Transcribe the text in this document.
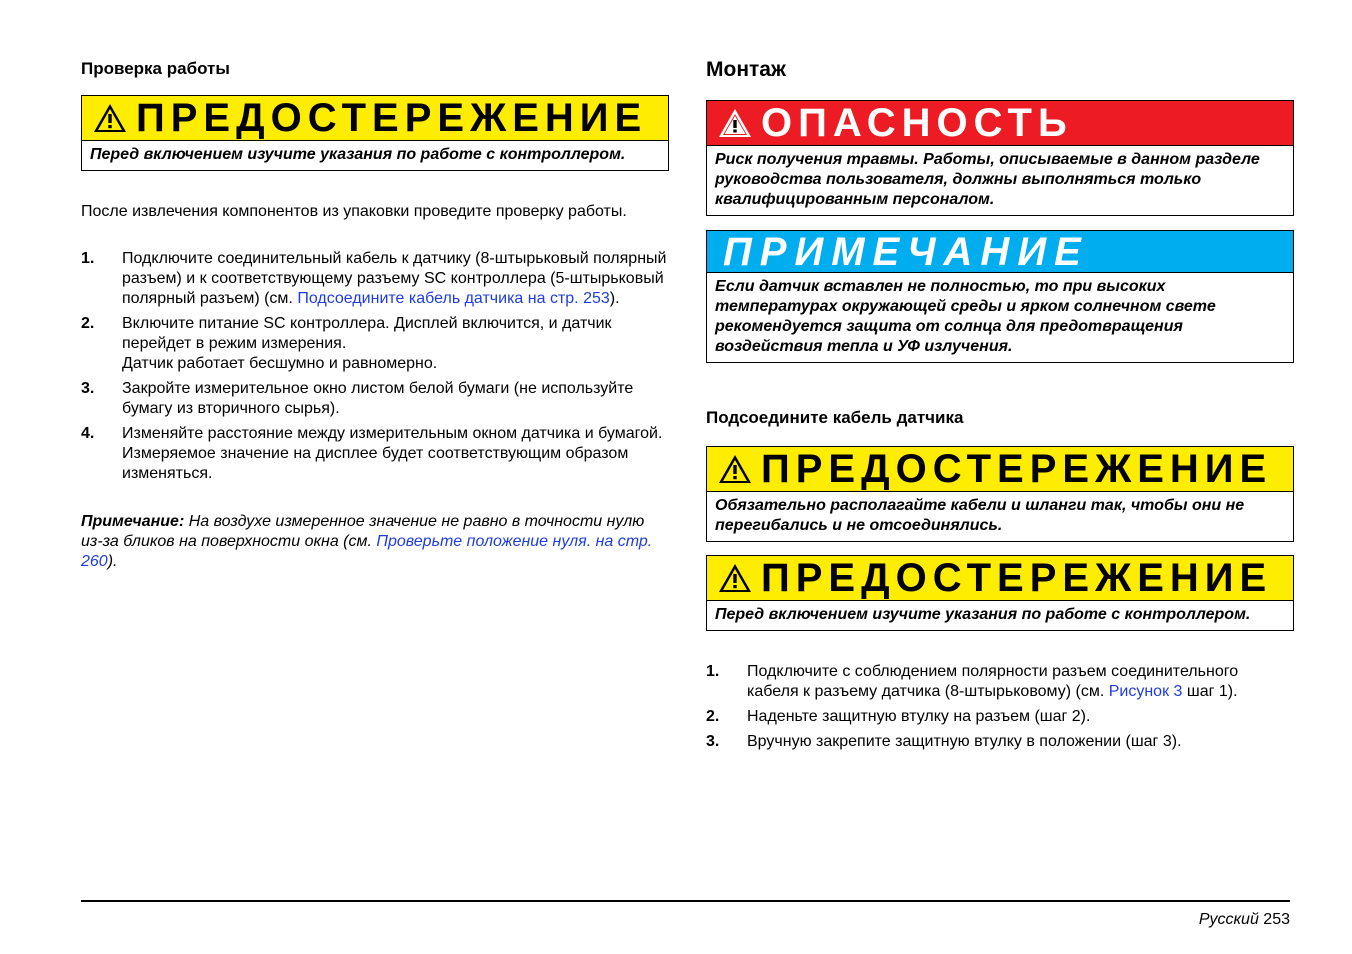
Проверка работы
ПРЕДОСТЕРЕЖЕНИЕ
Перед включением изучите указания по работе с контроллером.

После извлечения компонентов из упаковки проведите проверку работы.

1. Подключите соединительный кабель к датчику (8-штырьковый полярный разъем) и к соответствующему разъему SC контроллера (5-штырьковый полярный разъем) (см. Подсоедините кабель датчика на стр. 253).
2. Включите питание SC контроллера. Дисплей включится, и датчик перейдет в режим измерения.
Датчик работает бесшумно и равномерно.
3. Закройте измерительное окно листом белой бумаги (не используйте бумагу из вторичного сырья).
4. Изменяйте расстояние между измерительным окном датчика и бумагой. Измеряемое значение на дисплее будет соответствующим образом изменяться.

Примечание: На воздухе измеренное значение не равно в точности нулю из-за бликов на поверхности окна (см. Проверьте положение нуля. на стр. 260).

Монтаж
ОПАСНОСТЬ
Риск получения травмы. Работы, описываемые в данном разделе руководства пользователя, должны выполняться только квалифицированным персоналом.
ПРИМЕЧАНИЕ
Если датчик вставлен не полностью, то при высоких температурах окружающей среды и ярком солнечном свете рекомендуется защита от солнца для предотвращения воздействия тепла и УФ излучения.
Подсоедините кабель датчика
ПРЕДОСТЕРЕЖЕНИЕ
Обязательно располагайте кабели и шланги так, чтобы они не перегибались и не отсоединялись.
ПРЕДОСТЕРЕЖЕНИЕ
Перед включением изучите указания по работе с контроллером.
1. Подключите с соблюдением полярности разъем соединительного кабеля к разъему датчика (8-штырьковому) (см. Рисунок 3 шаг 1).
2. Наденьте защитную втулку на разъем (шаг 2).
3. Вручную закрепите защитную втулку в положении (шаг 3).
Русский 253
